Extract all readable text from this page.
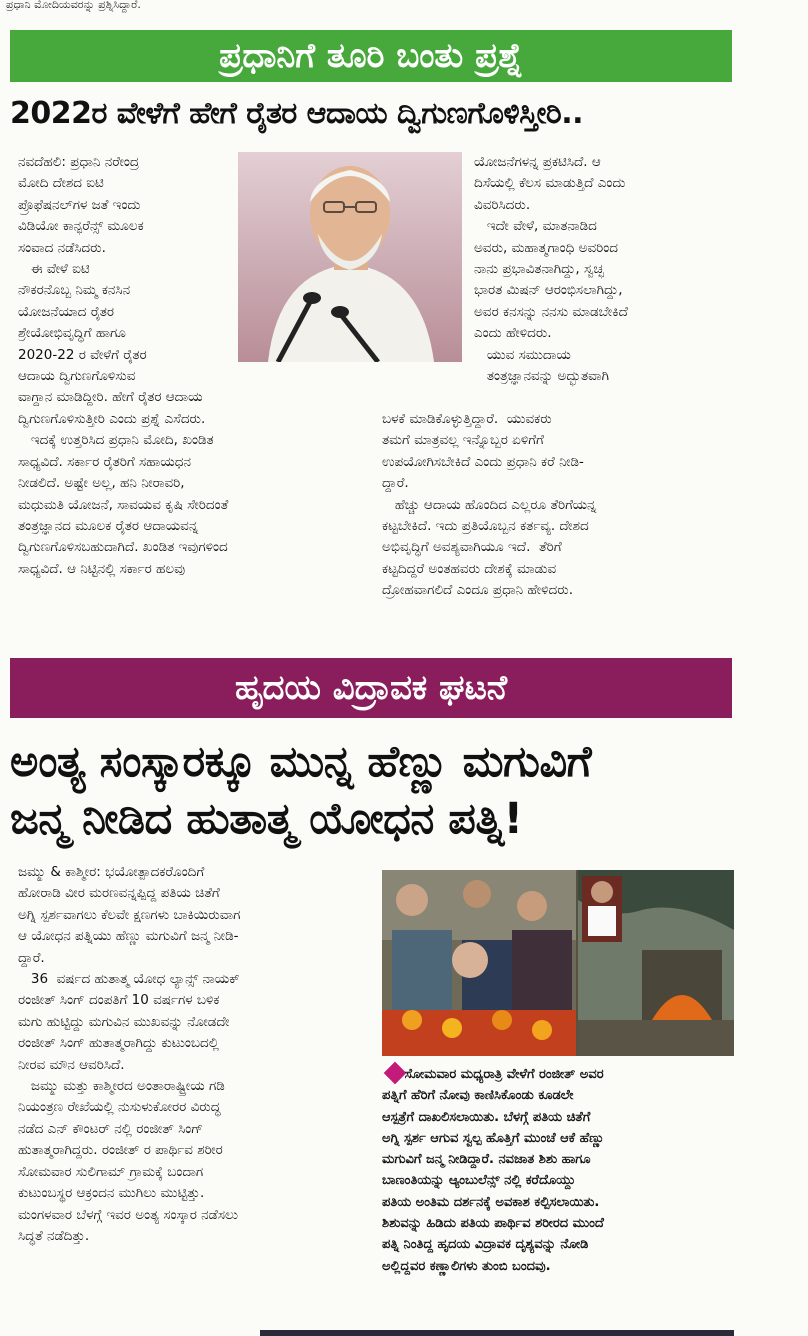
ಪ್ರಧಾನಿ ಮೋದಿಯವರನ್ನು ಪ್ರಶ್ನಿಸಿದ್ದಾರೆ.
ಪ್ರಧಾನಿಗೆ ತೂರಿ ಬಂತು ಪ್ರಶ್ನೆ
2022ರ ವೇಳೆಗೆ ಹೇಗೆ ರೈತರ ಆದಾಯ ದ್ವಿಗುಣಗೊಳಿಸ್ತೀರಿ..
ನವದೆಹಲಿ: ಪ್ರಧಾನಿ ನರೇಂದ್ರ
ಮೋದಿ ದೇಶದ ಐಟಿ
ಪ್ರೊಫೆಷನಲ್‌ಗಳ ಜತೆ ಇಂದು
ವಿಡಿಯೋ ಕಾನ್ಫರೆನ್ಸ್ ಮೂಲಕ
ಸಂವಾದ ನಡೆಸಿದರು.
ಈ ವೇಳೆ ಐಟಿ
ನೌಕರನೊಬ್ಬ ನಿಮ್ಮ ಕನಸಿನ
ಯೋಜನೆಯಾದ ರೈತರ
ಶ್ರೇಯೋಭಿವೃದ್ಧಿಗೆ ಹಾಗೂ
2020-22 ರ ವೇಳೆಗೆ ರೈತರ
ಆದಾಯ ದ್ವಿಗುಣಗೊಳಿಸುವ
ವಾಗ್ದಾನ ಮಾಡಿದ್ದೀರಿ. ಹೇಗೆ ರೈತರ ಆದಾಯ
ದ್ವಿಗುಣಗೊಳಿಸುತ್ತೀರಿ ಎಂದು ಪ್ರಶ್ನೆ ಎಸೆದರು.
ಇದಕ್ಕೆ ಉತ್ತರಿಸಿದ ಪ್ರಧಾನಿ ಮೋದಿ, ಖಂಡಿತ
ಸಾಧ್ಯವಿದೆ. ಸರ್ಕಾರ ರೈತರಿಗೆ ಸಹಾಯಧನ
ನೀಡಲಿದೆ. ಅಷ್ಟೇ ಅಲ್ಲ, ಹನಿ ನೀರಾವರಿ,
ಮಧುಮತಿ ಯೋಜನೆ, ಸಾವಯವ ಕೃಷಿ ಸೇರಿದಂತೆ
ತಂತ್ರಜ್ಞಾನದ ಮೂಲಕ ರೈತರ ಆದಾಯವನ್ನ
ದ್ವಿಗುಣಗೊಳಿಸಬಹುದಾಗಿದೆ. ಖಂಡಿತ ಇವುಗಳಿಂದ
ಸಾಧ್ಯವಿದೆ. ಆ ನಿಟ್ಟಿನಲ್ಲಿ ಸರ್ಕಾರ ಹಲವು
ಯೋಜನೆಗಳನ್ನ ಪ್ರಕಟಿಸಿದೆ. ಆ
ದಿಸೆಯಲ್ಲಿ ಕೆಲಸ ಮಾಡುತ್ತಿದೆ ಎಂದು
ವಿವರಿಸಿದರು.
ಇದೇ ವೇಳೆ, ಮಾತನಾಡಿದ
ಅವರು, ಮಹಾತ್ಮಗಾಂಧಿ ಅವರಿಂದ
ನಾನು ಪ್ರಭಾವಿತನಾಗಿದ್ದು, ಸ್ವಚ್ಛ
ಭಾರತ ಮಿಷನ್ ಆರಂಭಿಸಲಾಗಿದ್ದು,
ಅವರ ಕನಸನ್ನು ನನಸು ಮಾಡಬೇಕಿದೆ
ಎಂದು ಹೇಳಿದರು.
ಯುವ ಸಮುದಾಯ
ತಂತ್ರಜ್ಞಾನವನ್ನು ಅದ್ಭುತವಾಗಿ
ಬಳಕೆ ಮಾಡಿಕೊಳ್ಳುತ್ತಿದ್ದಾರೆ.  ಯುವಕರು
ತಮಗೆ ಮಾತ್ರವಲ್ಲ ಇನ್ನೊಬ್ಬರ ಏಳಿಗೆಗೆ
ಉಪಯೋಗಿಸಬೇಕಿದೆ ಎಂದು ಪ್ರಧಾನಿ ಕರೆ ನೀಡಿ-
ದ್ದಾರೆ.
ಹೆಚ್ಚು ಆದಾಯ ಹೊಂದಿದ ಎಲ್ಲರೂ ತೆರಿಗೆಯನ್ನ
ಕಟ್ಟಬೇಕಿದೆ. ಇದು ಪ್ರತಿಯೊಬ್ಬನ ಕರ್ತವ್ಯ. ದೇಶದ
ಅಭಿವೃದ್ಧಿಗೆ ಅವಶ್ಯವಾಗಿಯೂ ಇದೆ.  ತೆರಿಗೆ
ಕಟ್ಟದಿದ್ದರೆ ಅಂತಹವರು ದೇಶಕ್ಕೆ ಮಾಡುವ
ದ್ರೋಹವಾಗಲಿದೆ ಎಂದೂ ಪ್ರಧಾನಿ ಹೇಳಿದರು.
ಹೃದಯ ವಿದ್ರಾವಕ ಘಟನೆ
ಅಂತ್ಯ ಸಂಸ್ಕಾರಕ್ಕೂ ಮುನ್ನ ಹೆಣ್ಣು ಮಗುವಿಗೆ
ಜನ್ಮ ನೀಡಿದ ಹುತಾತ್ಮ ಯೋಧನ ಪತ್ನಿ!
ಜಮ್ಮು & ಕಾಶ್ಮೀರ: ಭಯೋತ್ಪಾದಕರೊಂದಿಗೆ
ಹೋರಾಡಿ ವೀರ ಮರಣವನ್ನಪ್ಪಿದ್ದ ಪತಿಯ ಚಿತೆಗೆ
ಅಗ್ನಿ ಸ್ಪರ್ಶವಾಗಲು ಕೆಲವೇ ಕ್ಷಣಗಳು ಬಾಕಿಯಿರುವಾಗ
ಆ ಯೋಧನ ಪತ್ನಿಯು ಹೆಣ್ಣು ಮಗುವಿಗೆ ಜನ್ಮ ನೀಡಿ-
ದ್ದಾರೆ.
36  ವರ್ಷದ ಹುತಾತ್ಮ ಯೋಧ ಲ್ಯಾನ್ಸ್ ನಾಯಕ್
ರಂಜೀತ್ ಸಿಂಗ್ ದಂಪತಿಗೆ 10 ವರ್ಷಗಳ ಬಳಿಕ
ಮಗು ಹುಟ್ಟಿದ್ದು ಮಗುವಿನ ಮುಖವನ್ನು ನೋಡದೇ
ರಂಜೀತ್ ಸಿಂಗ್ ಹುತಾತ್ಮರಾಗಿದ್ದು ಕುಟುಂಬದಲ್ಲಿ
ನೀರವ ಮೌನ ಆವರಿಸಿದೆ.
ಜಮ್ಮು ಮತ್ತು ಕಾಶ್ಮೀರದ ಅಂತಾರಾಷ್ಟ್ರೀಯ ಗಡಿ
ನಿಯಂತ್ರಣ ರೇಖೆಯಲ್ಲಿ ನುಸುಳುಕೋರರ ವಿರುದ್ಧ
ನಡೆದ ಎನ್ ಕೌಂಟರ್ ನಲ್ಲಿ ರಂಜೀತ್ ಸಿಂಗ್
ಹುತಾತ್ಮರಾಗಿದ್ದರು. ರಂಜೀತ್ ರ ಪಾರ್ಥಿವ ಶರೀರ
ಸೋಮವಾರ ಸುಲಿಗಾಮ್ ಗ್ರಾಮಕ್ಕೆ ಬಂದಾಗ
ಕುಟುಂಬಸ್ಥರ ಆಕ್ರಂದನ ಮುಗಿಲು ಮುಟ್ಟಿತ್ತು.
ಮಂಗಳವಾರ ಬೆಳಗ್ಗೆ ಇವರ ಅಂತ್ಯ ಸಂಸ್ಕಾರ ನಡೆಸಲು
ಸಿದ್ಧತೆ ನಡೆದಿತ್ತು.
ಸೋಮವಾರ ಮಧ್ಯರಾತ್ರಿ ವೇಳೆಗೆ ರಂಜೀತ್ ಅವರ
ಪತ್ನಿಗೆ ಹೆರಿಗೆ ನೋವು ಕಾಣಿಸಿಕೊಂಡು ಕೂಡಲೇ
ಆಸ್ಪತ್ರೆಗೆ ದಾಖಲಿಸಲಾಯಿತು. ಬೆಳಗ್ಗೆ ಪತಿಯ ಚಿತೆಗೆ
ಅಗ್ನಿ ಸ್ಪರ್ಶ ಆಗುವ ಸ್ವಲ್ಪ ಹೊತ್ತಿಗೆ ಮುಂಚೆ ಆಕೆ ಹೆಣ್ಣು
ಮಗುವಿಗೆ ಜನ್ಮ ನೀಡಿದ್ದಾರೆ. ನವಜಾತ ಶಿಶು ಹಾಗೂ
ಬಾಣಂತಿಯನ್ನು ಆ್ಯಂಬುಲೆನ್ಸ್ ನಲ್ಲಿ ಕರೆದೊಯ್ದು
ಪತಿಯ ಅಂತಿಮ ದರ್ಶನಕ್ಕೆ ಅವಕಾಶ ಕಲ್ಪಿಸಲಾಯಿತು.
ಶಿಶುವನ್ನು ಹಿಡಿದು ಪತಿಯ ಪಾರ್ಥಿವ ಶರೀರದ ಮುಂದೆ
ಪತ್ನಿ ನಿಂತಿದ್ದ ಹೃದಯ ವಿದ್ರಾವಕ ದೃಶ್ಯವನ್ನು ನೋಡಿ
ಅಲ್ಲಿದ್ದವರ ಕಣ್ಣಾಲಿಗಳು ತುಂಬಿ ಬಂದವು.
